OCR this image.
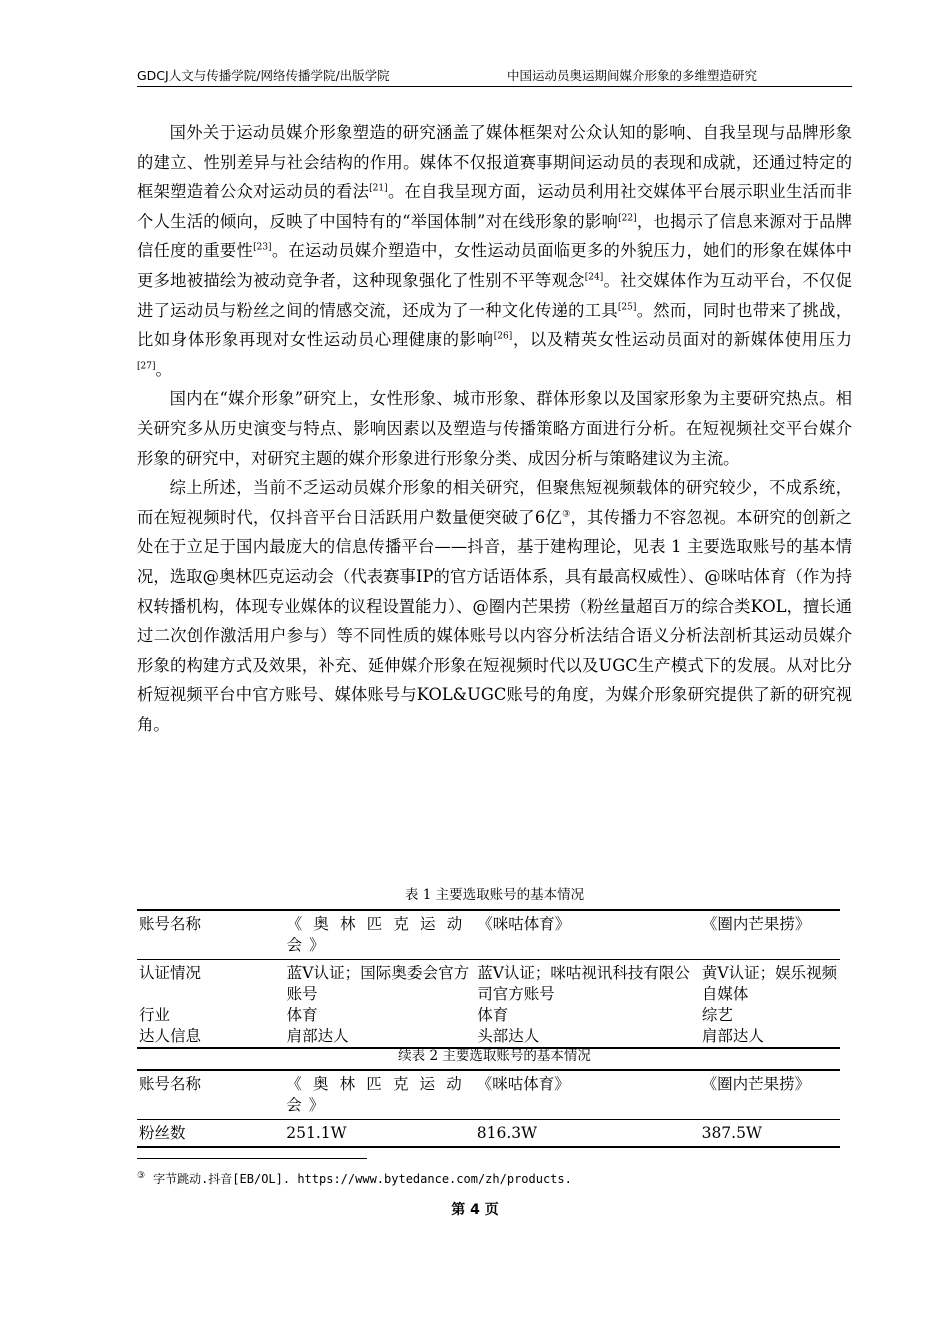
GDCJ人文与传播学院/网络传播学院/出版学院	中国运动员奥运期间媒介形象的多维塑造研究

国外关于运动员媒介形象塑造的研究涵盖了媒体框架对公众认知的影响、自我呈现与品牌形象的建立、性别差异与社会结构的作用。媒体不仅报道赛事期间运动员的表现和成就，还通过特定的框架塑造着公众对运动员的看法[21]。在自我呈现方面，运动员利用社交媒体平台展示职业生活而非个人生活的倾向，反映了中国特有的“举国体制”对在线形象的影响[22]，也揭示了信息来源对于品牌信任度的重要性[23]。在运动员媒介塑造中，女性运动员面临更多的外貌压力，她们的形象在媒体中更多地被描绘为被动竞争者，这种现象强化了性别不平等观念[24]。社交媒体作为互动平台，不仅促进了运动员与粉丝之间的情感交流，还成为了一种文化传递的工具[25]。然而，同时也带来了挑战，比如身体形象再现对女性运动员心理健康的影响[26]，以及精英女性运动员面对的新媒体使用压力[27]。

国内在“媒介形象”研究上，女性形象、城市形象、群体形象以及国家形象为主要研究热点。相关研究多从历史演变与特点、影响因素以及塑造与传播策略方面进行分析。在短视频社交平台媒介形象的研究中，对研究主题的媒介形象进行形象分类、成因分析与策略建议为主流。

综上所述，当前不乏运动员媒介形象的相关研究，但聚焦短视频载体的研究较少，不成系统，而在短视频时代，仅抖音平台日活跃用户数量便突破了6亿③，其传播力不容忽视。本研究的创新之处在于立足于国内最庞大的信息传播平台——抖音，基于建构理论，见表 1 主要选取账号的基本情况，选取@奥林匹克运动会（代表赛事IP的官方话语体系，具有最高权威性）、@咪咕体育（作为持权转播机构，体现专业媒体的议程设置能力）、@圈内芒果捞（粉丝量超百万的综合类KOL，擅长通过二次创作激活用户参与）等不同性质的媒体账号以内容分析法结合语义分析法剖析其运动员媒介形象的构建方式及效果，补充、延伸媒介形象在短视频时代以及UGC生产模式下的发展。从对比分析短视频平台中官方账号、媒体账号与KOL&UGC账号的角度，为媒介形象研究提供了新的研究视角。

表 1 主要选取账号的基本情况
账号名称	《奥林匹克运动会》	《咪咕体育》	《圈内芒果捞》
认证情况	蓝V认证；国际奥委会官方账号	蓝V认证；咪咕视讯科技有限公司官方账号	黄V认证；娱乐视频自媒体
行业	体育	体育	综艺
达人信息	肩部达人	头部达人	肩部达人
续表 2 主要选取账号的基本情况
账号名称	《奥林匹克运动会》	《咪咕体育》	《圈内芒果捞》
粉丝数	251.1W	816.3W	387.5W
③ 字节跳动.抖音[EB/OL]. https://www.bytedance.com/zh/products.
第 4 页
